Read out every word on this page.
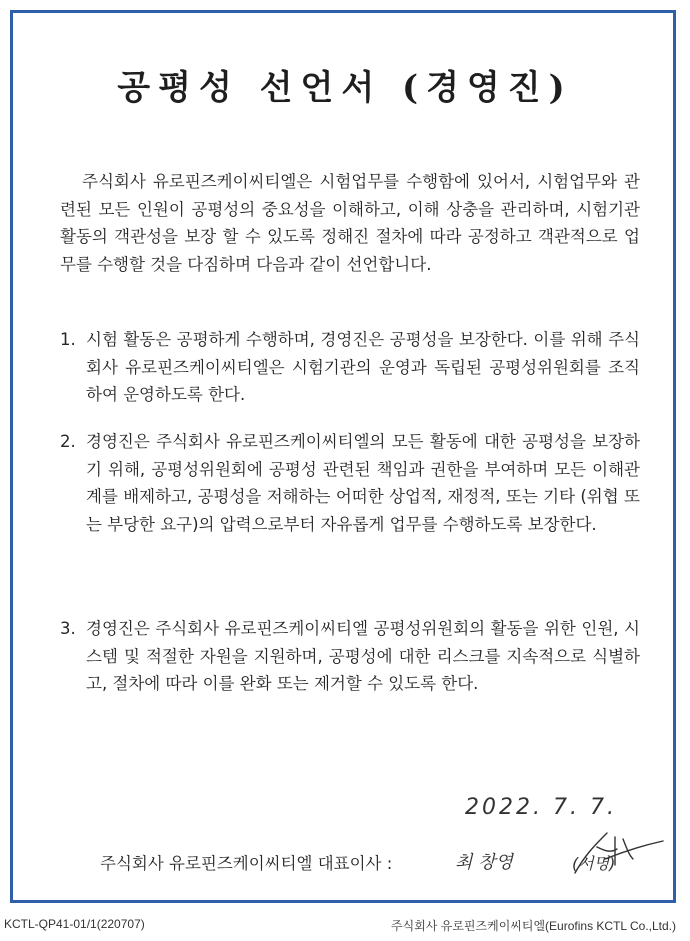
공평성 선언서 (경영진)
주식회사 유로핀즈케이씨티엘은 시험업무를 수행함에 있어서, 시험업무와 관련된 모든 인원이 공평성의 중요성을 이해하고, 이해 상충을 관리하며, 시험기관 활동의 객관성을 보장 할 수 있도록 정해진 절차에 따라 공정하고 객관적으로 업무를 수행할 것을 다짐하며 다음과 같이 선언합니다.
1. 시험 활동은 공평하게 수행하며, 경영진은 공평성을 보장한다. 이를 위해 주식회사 유로핀즈케이씨티엘은 시험기관의 운영과 독립된 공평성위원회를 조직하여 운영하도록 한다.
2. 경영진은 주식회사 유로핀즈케이씨티엘의 모든 활동에 대한 공평성을 보장하기 위해, 공평성위원회에 공평성 관련된 책임과 권한을 부여하며 모든 이해관계를 배제하고, 공평성을 저해하는 어떠한 상업적, 재정적, 또는 기타 (위협 또는 부당한 요구)의 압력으로부터 자유롭게 업무를 수행하도록 보장한다.
3. 경영진은 주식회사 유로핀즈케이씨티엘 공평성위원회의 활동을 위한 인원, 시스템 및 적절한 자원을 지원하며, 공평성에 대한 리스크를 지속적으로 식별하고, 절차에 따라 이를 완화 또는 제거할 수 있도록 한다.
2022. 7. 7.
주식회사 유로핀즈케이씨티엘 대표이사 :	최 창영	(서명)
KCTL-QP41-01/1(220707)	주식회사 유로핀즈케이씨티엘(Eurofins KCTL Co.,Ltd.)
